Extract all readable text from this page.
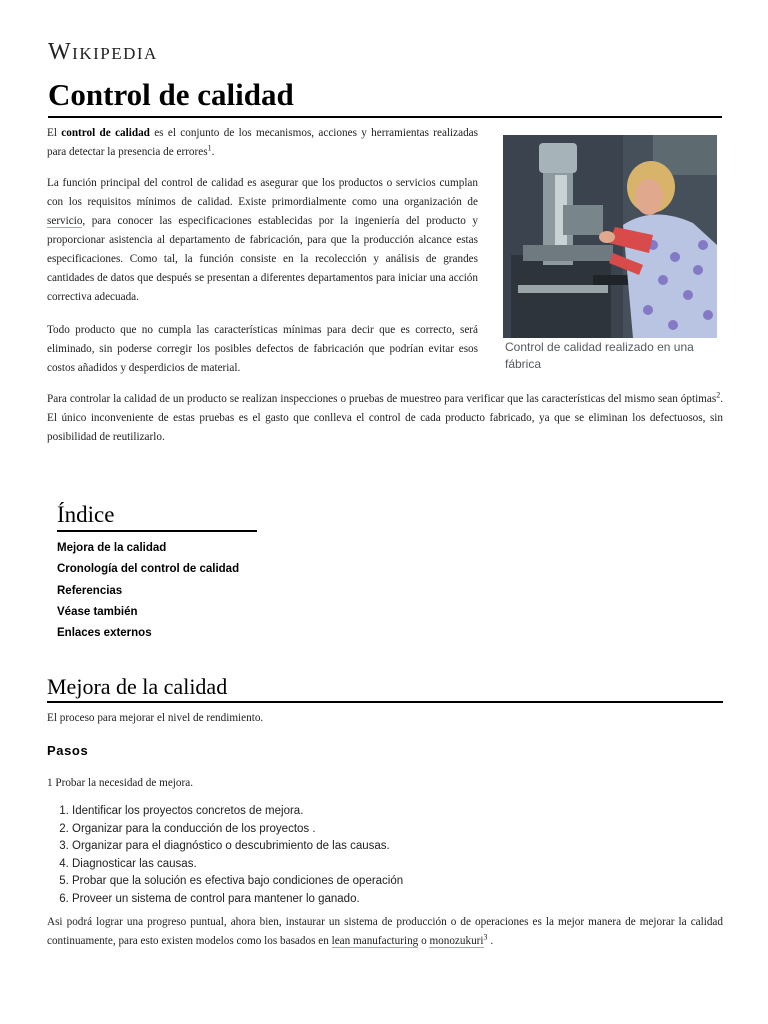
Wikipedia
Control de calidad

El control de calidad es el conjunto de los mecanismos, acciones y herramientas realizadas para detectar la presencia de errores$^1$.

La función principal del control de calidad es asegurar que los productos o servicios cumplan con los requisitos mínimos de calidad. Existe primordialmente como una organización de servicio, para conocer las especificaciones establecidas por la ingeniería del producto y proporcionar asistencia al departamento de fabricación, para que la producción alcance estas especificaciones. Como tal, la función consiste en la recolección y análisis de grandes cantidades de datos que después se presentan a diferentes departamentos para iniciar una acción correctiva adecuada.

Todo producto que no cumpla las características mínimas para decir que es correcto, será eliminado, sin poderse corregir los posibles defectos de fabricación que podrían evitar esos costos añadidos y desperdicios de material.

Para controlar la calidad de un producto se realizan inspecciones o pruebas de muestreo para verificar que las características del mismo sean óptimas$^2$. El único inconveniente de estas pruebas es el gasto que conlleva el control de cada producto fabricado, ya que se eliminan los defectuosos, sin posibilidad de reutilizarlo.

Control de calidad realizado en una fábrica
Índice
Mejora de la calidad
Cronología del control de calidad
Referencias
Véase también
Enlaces externos
Mejora de la calidad

El proceso para mejorar el nivel de rendimiento.

Pasos

1 Probar la necesidad de mejora.

1. Identificar los proyectos concretos de mejora.
2. Organizar para la conducción de los proyectos .
3. Organizar para el diagnóstico o descubrimiento de las causas.
4. Diagnosticar las causas.
5. Probar que la solución es efectiva bajo condiciones de operación
6. Proveer un sistema de control para mantener lo ganado.

Asi podrá lograr una progreso puntual, ahora bien, instaurar un sistema de producción o de operaciones es la mejor manera de mejorar la calidad continuamente, para esto existen modelos como los basados en lean manufacturing o monozukuri$^3$ .
